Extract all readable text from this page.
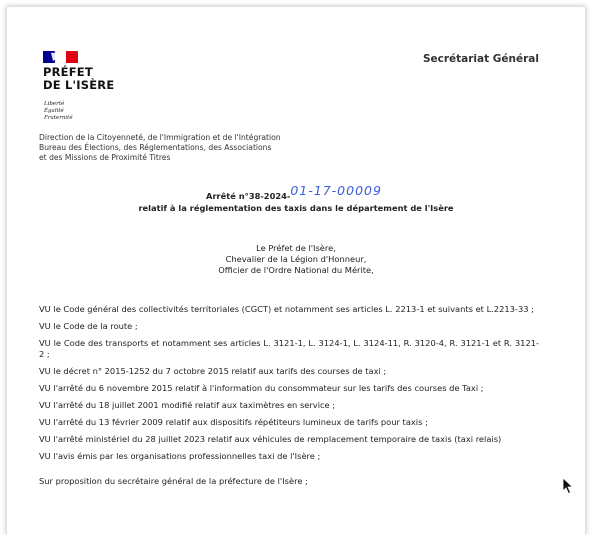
PRÉFET
DE L'ISÈRE
Liberté
Égalité
Fraternité
Secrétariat Général
Direction de la Citoyenneté, de l'Immigration et de l'Intégration
Bureau des Élections, des Réglementations, des Associations
et des Missions de Proximité Titres
Arrêté n°38-2024-01-17-00009
relatif à la réglementation des taxis dans le département de l'Isère
Le Préfet de l'Isère,
Chevalier de la Légion d'Honneur,
Officier de l'Ordre National du Mérite,

VU le Code général des collectivités territoriales (CGCT) et notamment ses articles L. 2213-1 et suivants et L.2213-33 ;

VU le Code de la route ;

VU le Code des transports et notamment ses articles L. 3121-1, L. 3124-1, L. 3124-11, R. 3120-4, R. 3121-1 et R. 3121-2 ;

VU le décret n° 2015-1252 du 7 octobre 2015 relatif aux tarifs des courses de taxi ;

VU l'arrêté du 6 novembre 2015 relatif à l'information du consommateur sur les tarifs des courses de Taxi ;

VU l'arrêté du 18 juillet 2001 modifié relatif aux taximètres en service ;

VU l'arrêté du 13 février 2009 relatif aux dispositifs répétiteurs lumineux de tarifs pour taxis ;

VU l'arrêté ministériel du 28 juillet 2023 relatif aux véhicules de remplacement temporaire de taxis (taxi relais)

VU l'avis émis par les organisations professionnelles taxi de l'Isère ;

Sur proposition du secrétaire général de la préfecture de l'Isère ;
